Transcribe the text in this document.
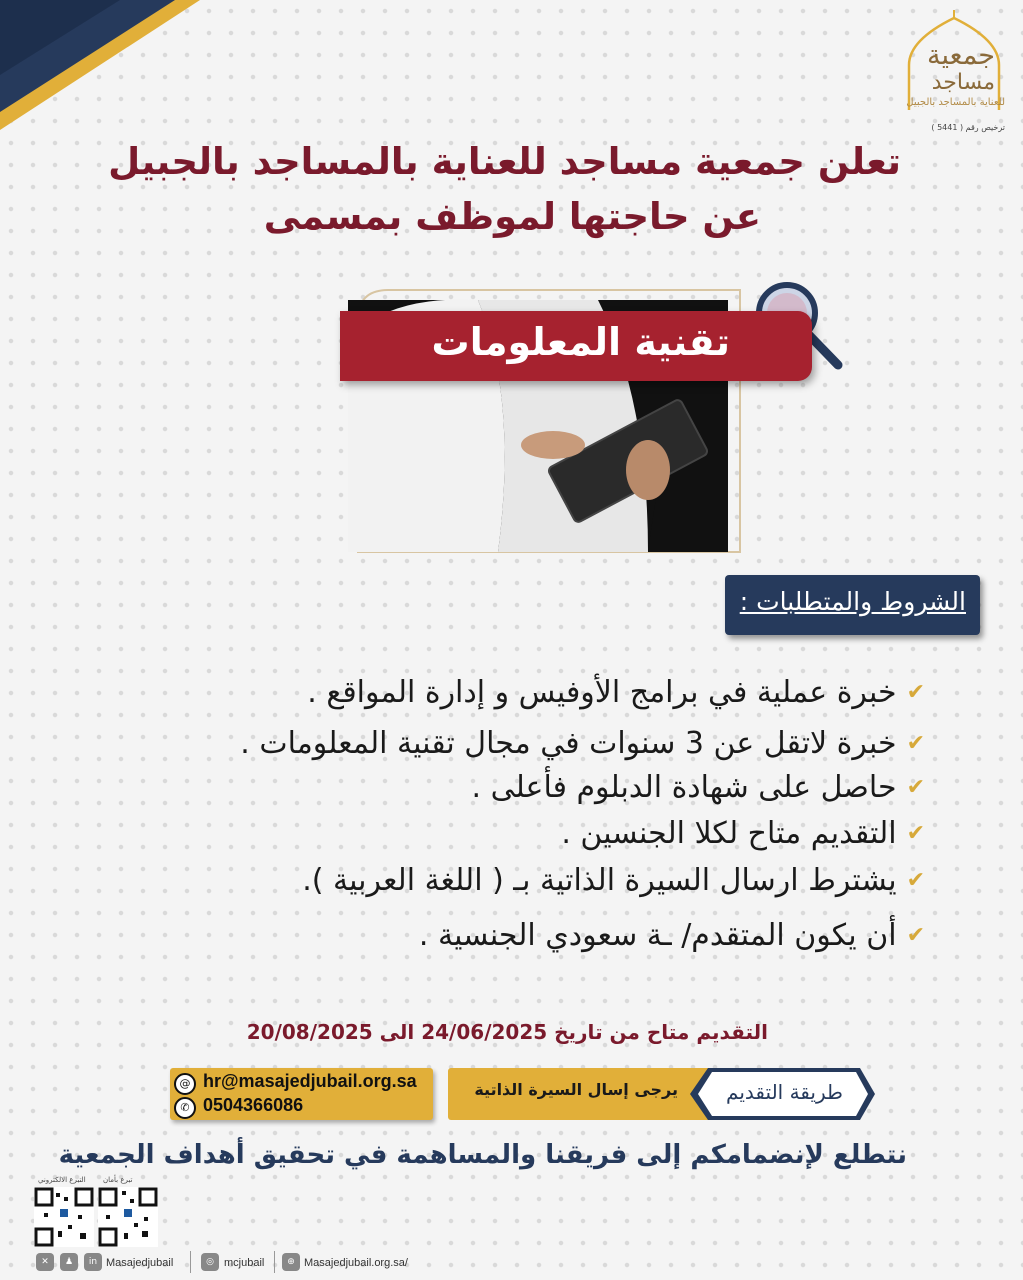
جمعية
مساجد
للعناية بالمساجد بالجبيل
ترخيص رقم ( 5441 )
تعلن جمعية مساجد للعناية بالمساجد بالجبيل
عن حاجتها لموظف بمسمى
تقنية المعلومات
الشروط والمتطلبات :
✔
خبرة عملية في برامج الأوفيس و إدارة المواقع .
✔
خبرة لاتقل عن 3 سنوات في مجال تقنية المعلومات .
✔
حاصل على شهادة الدبلوم فأعلى .
✔
التقديم متاح لكلا الجنسين .
✔
يشترط ارسال السيرة الذاتية بـ ( اللغة العربية ).
✔
أن يكون المتقدم/ ـة سعودي الجنسية .
التقديم متاح من تاريخ 24/06/2025 الى 20/08/2025
@ hr@masajedjubail.org.sa
✆ 0504366086
يرجى إسال السيرة الذاتية	طريقة التقديم
نتطلع لإنضمامكم إلى فريقنا والمساهمة في تحقيق أهداف الجمعية
التبرع الالكتروني تبرع بأمان
✕	♟	in Masajedjubail	◎ mcjubail	⊕ Masajedjubail.org.sa/
